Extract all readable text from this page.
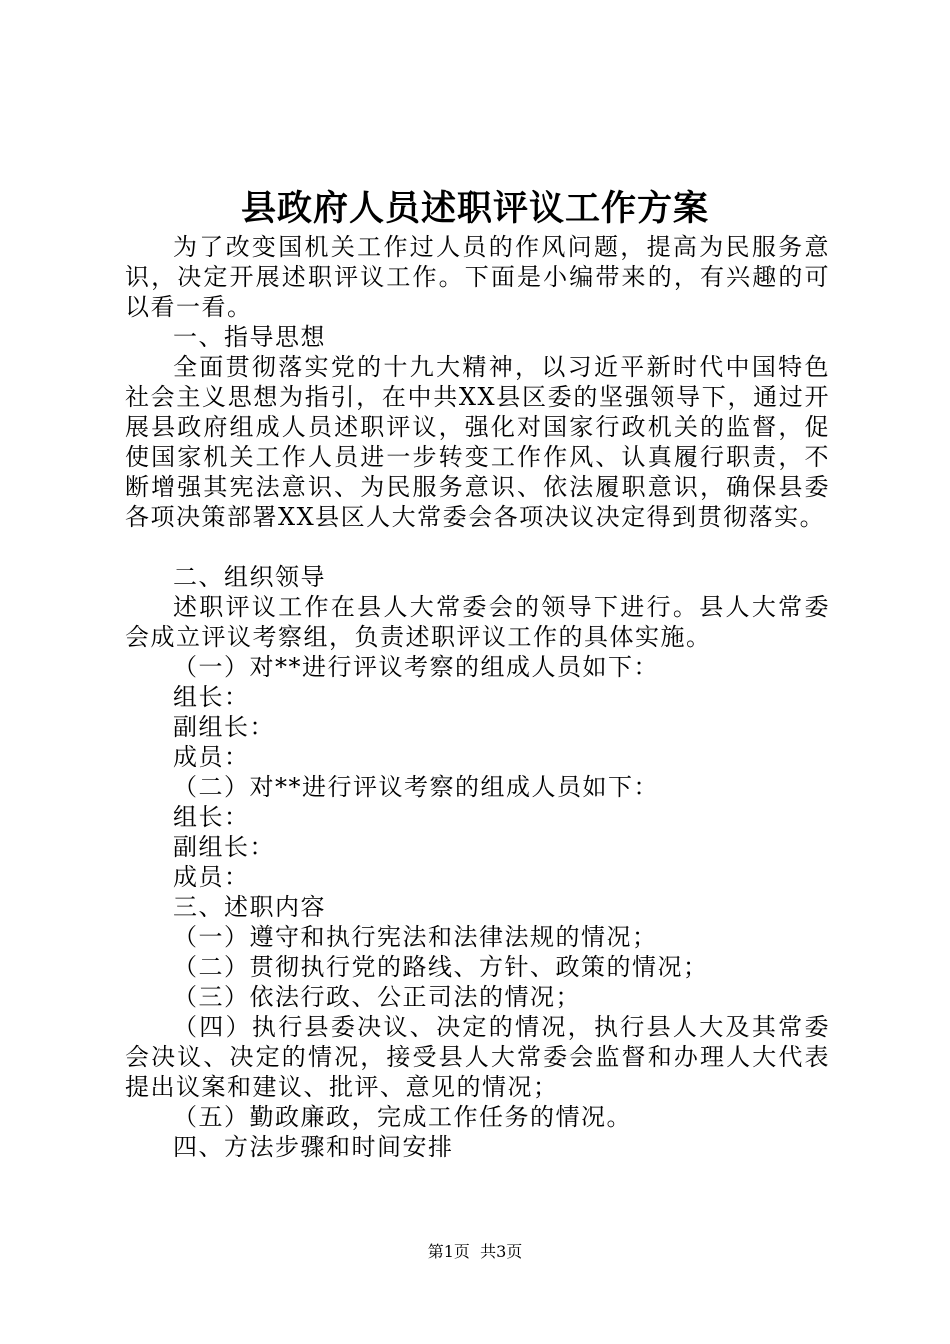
县政府人员述职评议工作方案

为了改变国机关工作过人员的作风问题，提高为民服务意识，决定开展述职评议工作。下面是小编带来的，有兴趣的可以看一看。

一、指导思想

全面贯彻落实党的十九大精神，以习近平新时代中国特色社会主义思想为指引，在中共XX县区委的坚强领导下，通过开展县政府组成人员述职评议，强化对国家行政机关的监督，促使国家机关工作人员进一步转变工作作风、认真履行职责，不断增强其宪法意识、为民服务意识、依法履职意识，确保县委各项决策部署XX县区人大常委会各项决议决定得到贯彻落实。

二、组织领导

述职评议工作在县人大常委会的领导下进行。县人大常委会成立评议考察组，负责述职评议工作的具体实施。

（一）对**进行评议考察的组成人员如下：

组长：

副组长：

成员：

（二）对**进行评议考察的组成人员如下：

组长：

副组长：

成员：

三、述职内容

（一）遵守和执行宪法和法律法规的情况；

（二）贯彻执行党的路线、方针、政策的情况；

（三）依法行政、公正司法的情况；

（四）执行县委决议、决定的情况，执行县人大及其常委会决议、决定的情况，接受县人大常委会监督和办理人大代表提出议案和建议、批评、意见的情况；

（五）勤政廉政，完成工作任务的情况。

四、方法步骤和时间安排

第1页 共3页
